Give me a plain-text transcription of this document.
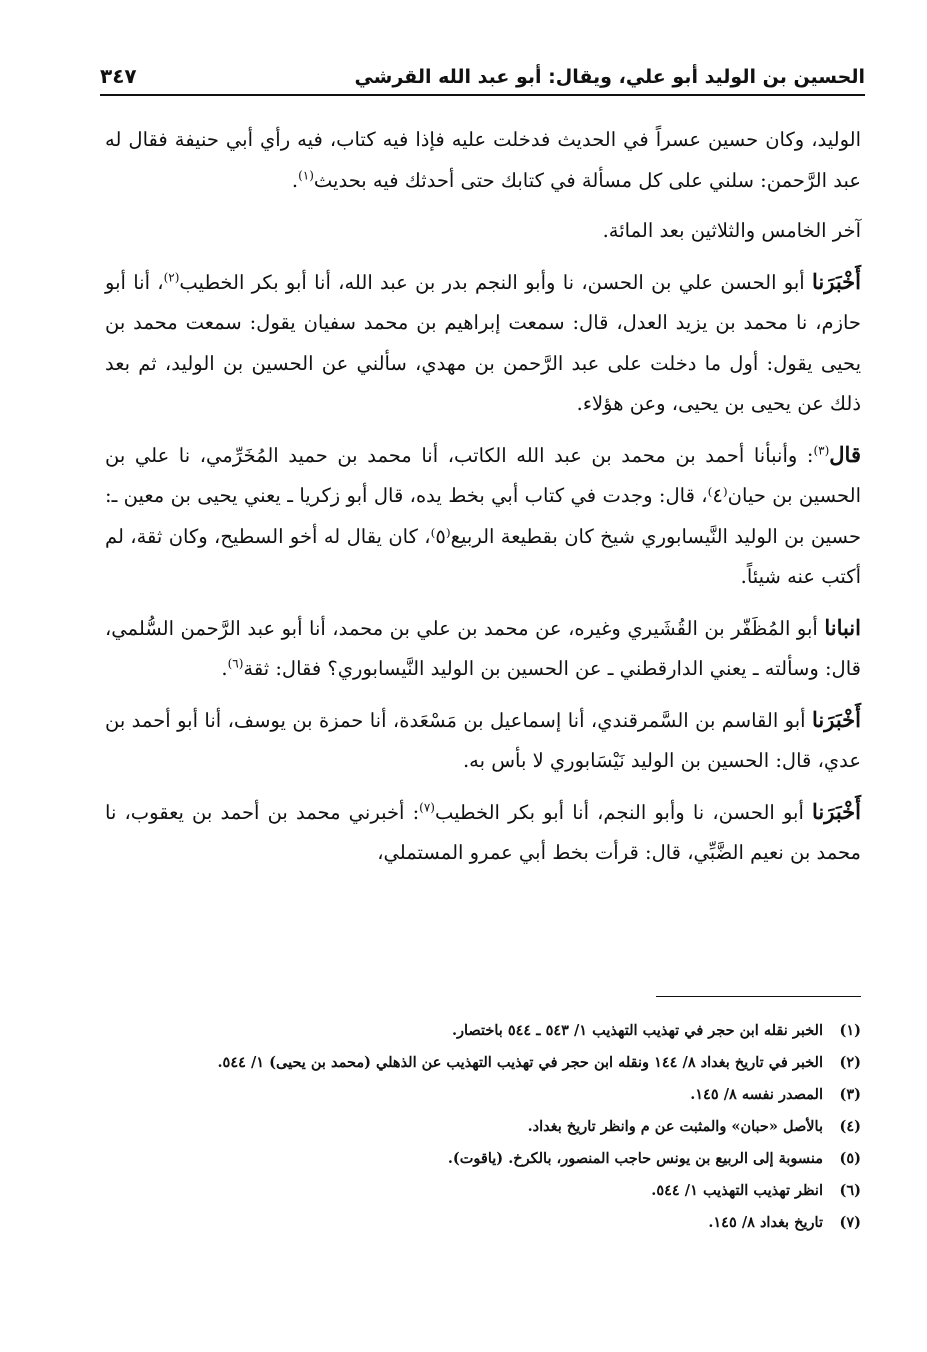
الحسين بن الوليد أبو علي، ويقال: أبو عبد الله القرشي
٣٤٧

الوليد، وكان حسين عسراً في الحديث فدخلت عليه فإذا فيه كتاب، فيه رأي أبي حنيفة فقال له عبد الرَّحمن: سلني على كل مسألة في كتابك حتى أحدثك فيه بحديث$^{(١)}$.

آخر الخامس والثلاثين بعد المائة.

أَخْبَرَنا أبو الحسن علي بن الحسن، نا وأبو النجم بدر بن عبد الله، أنا أبو بكر الخطيب$^{(٢)}$، أنا أبو حازم، نا محمد بن يزيد العدل، قال: سمعت إبراهيم بن محمد سفيان يقول: سمعت محمد بن يحيى يقول: أول ما دخلت على عبد الرَّحمن بن مهدي، سألني عن الحسين بن الوليد، ثم بعد ذلك عن يحيى بن يحيى، وعن هؤلاء.

قال$^{(٣)}$: وأنبأنا أحمد بن محمد بن عبد الله الكاتب، أنا محمد بن حميد المُخَرِّمي، نا علي بن الحسين بن حيان⁽٤⁾، قال: وجدت في كتاب أبي بخط يده، قال أبو زكريا ـ يعني يحيى بن معين ـ: حسين بن الوليد النَّيسابوري شيخ كان بقطيعة الربيع⁽٥⁾، كان يقال له أخو السطيح، وكان ثقة، لم أكتب عنه شيئاً.

انبانا أبو المُظَفّر بن القُشَيري وغيره، عن محمد بن علي بن محمد، أنا أبو عبد الرَّحمن السُّلمي، قال: وسألته ـ يعني الدارقطني ـ عن الحسين بن الوليد النَّيسابوري؟ فقال: ثقة$^{(٦)}$.

أَخْبَرَنا أبو القاسم بن السَّمرقندي، أنا إسماعيل بن مَسْعَدة، أنا حمزة بن يوسف، أنا أبو أحمد بن عدي، قال: الحسين بن الوليد نَيْسَابوري لا بأس به.

أَخْبَرَنا أبو الحسن، نا وأبو النجم، أنا أبو بكر الخطيب$^{(٧)}$: أخبرني محمد بن أحمد بن يعقوب، نا محمد بن نعيم الضَّبِّي، قال: قرأت بخط أبي عمرو المستملي،

(١)
الخبر نقله ابن حجر في تهذيب التهذيب ١/ ٥٤٣ ـ ٥٤٤ باختصار.
(٢)
الخبر في تاريخ بغداد ٨/ ١٤٤ ونقله ابن حجر في تهذيب التهذيب عن الذهلي (محمد بن يحيى) ١/ ٥٤٤.
(٣)
المصدر نفسه ٨/ ١٤٥.
(٤)
بالأصل «حبان» والمثبت عن م وانظر تاريخ بغداد.
(٥)
منسوبة إلى الربيع بن يونس حاجب المنصور، بالكرخ. (ياقوت).
(٦)
انظر تهذيب التهذيب ١/ ٥٤٤.
(٧)
تاريخ بغداد ٨/ ١٤٥.
